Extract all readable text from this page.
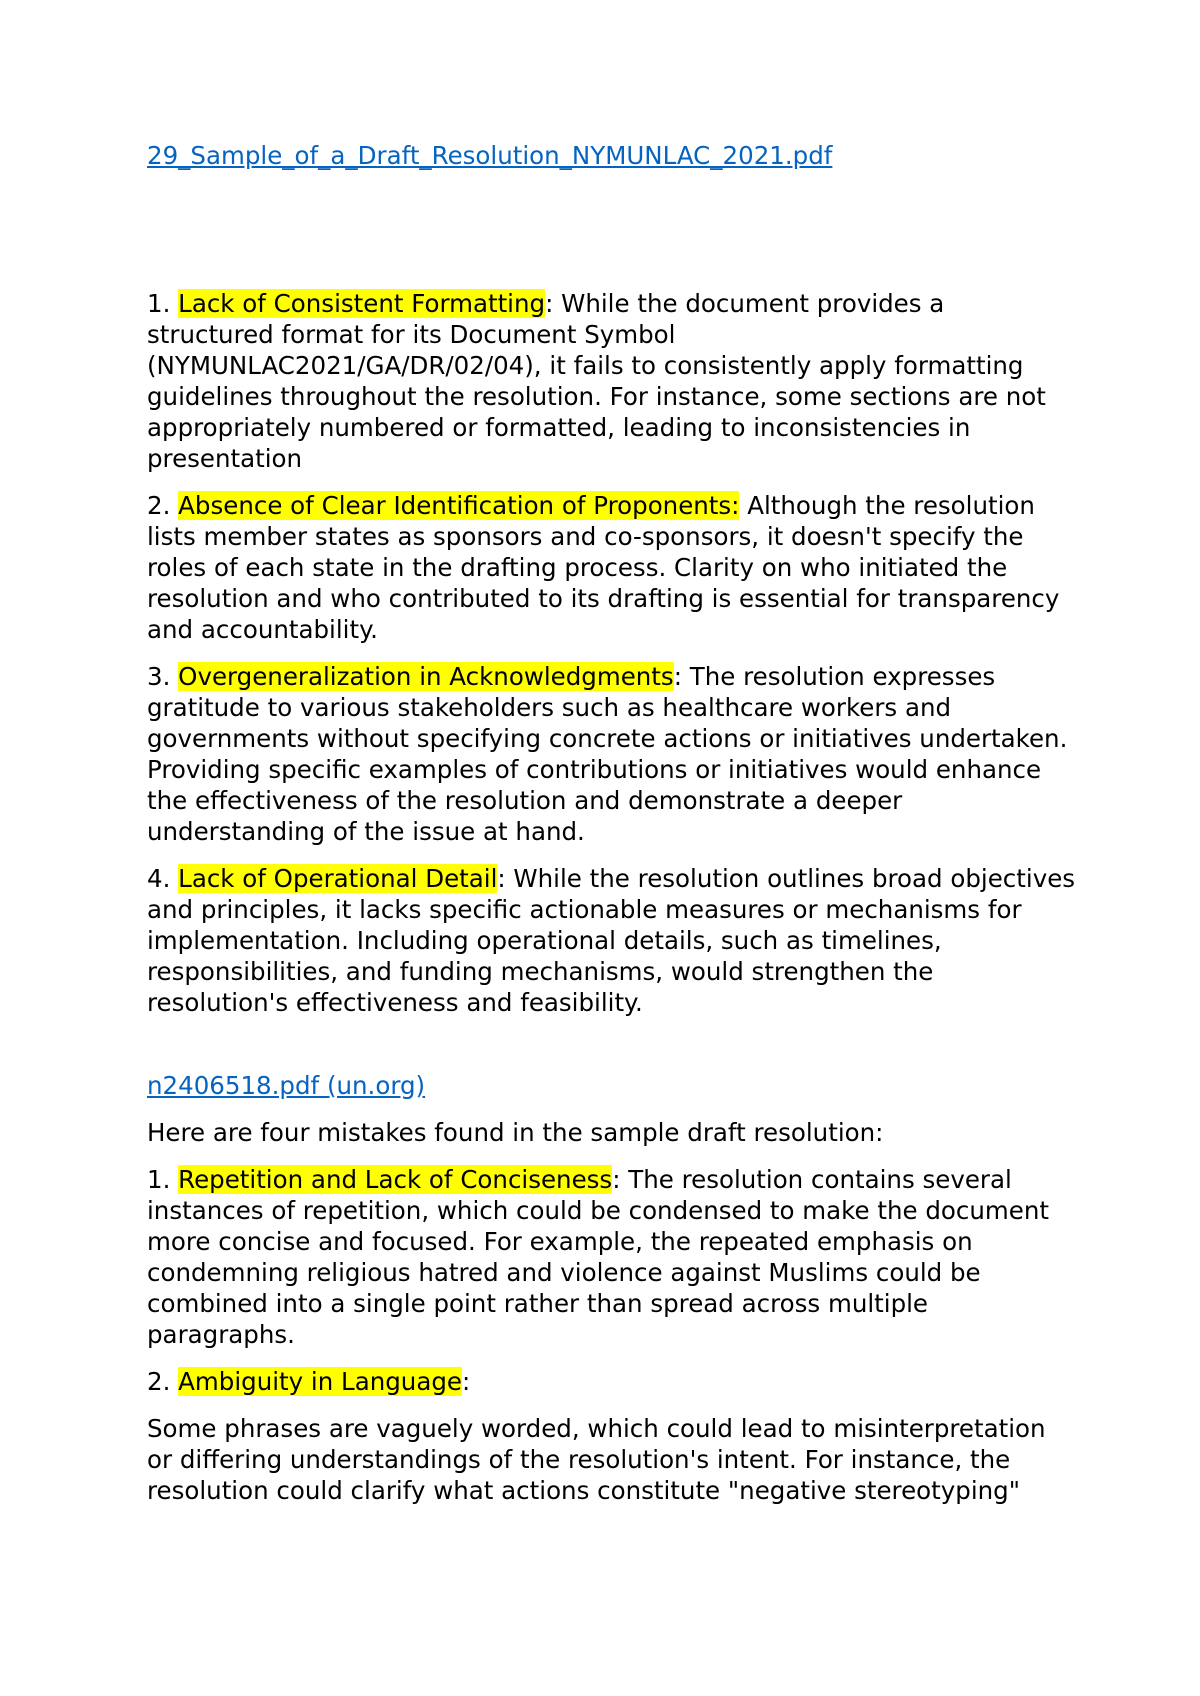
29_Sample_of_a_Draft_Resolution_NYMUNLAC_2021.pdf

1. Lack of Consistent Formatting: While the document provides a structured format for its Document Symbol (NYMUNLAC2021/GA/DR/02/04), it fails to consistently apply formatting guidelines throughout the resolution. For instance, some sections are not appropriately numbered or formatted, leading to inconsistencies in presentation

2. Absence of Clear Identification of Proponents: Although the resolution lists member states as sponsors and co-sponsors, it doesn't specify the roles of each state in the drafting process. Clarity on who initiated the resolution and who contributed to its drafting is essential for transparency and accountability.

3. Overgeneralization in Acknowledgments: The resolution expresses gratitude to various stakeholders such as healthcare workers and governments without specifying concrete actions or initiatives undertaken. Providing specific examples of contributions or initiatives would enhance the effectiveness of the resolution and demonstrate a deeper understanding of the issue at hand.

4. Lack of Operational Detail: While the resolution outlines broad objectives and principles, it lacks specific actionable measures or mechanisms for implementation. Including operational details, such as timelines, responsibilities, and funding mechanisms, would strengthen the resolution's effectiveness and feasibility.

n2406518.pdf (un.org)

Here are four mistakes found in the sample draft resolution:

1. Repetition and Lack of Conciseness: The resolution contains several instances of repetition, which could be condensed to make the document more concise and focused. For example, the repeated emphasis on condemning religious hatred and violence against Muslims could be combined into a single point rather than spread across multiple paragraphs.

2. Ambiguity in Language:

Some phrases are vaguely worded, which could lead to misinterpretation or differing understandings of the resolution's intent. For instance, the resolution could clarify what actions constitute "negative stereotyping"
